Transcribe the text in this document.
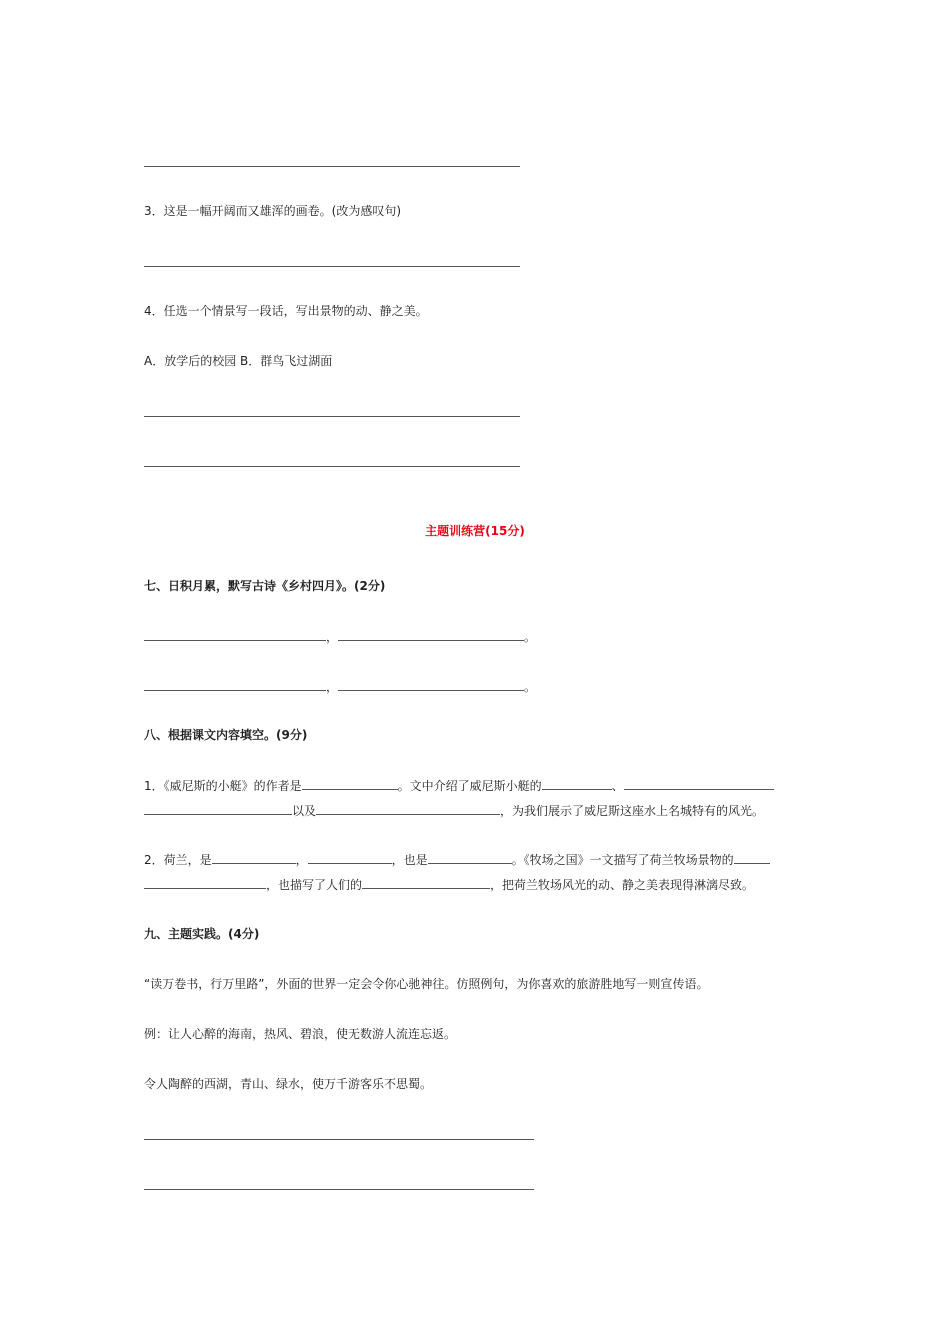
3．这是一幅开阔而又雄浑的画卷。(改为感叹句)
4．任选一个情景写一段话，写出景物的动、静之美。
A．放学后的校园 B．群鸟飞过湖面
主题训练营(15分)
七、日积月累，默写古诗《乡村四月》。(2分)
，	。
，	。
八、根据课文内容填空。(9分)
1．《威尼斯的小艇》的作者是	。文中介绍了威尼斯小艇的	、
以及	，为我们展示了威尼斯这座水上名城特有的风光。
2．荷兰，是	，	，也是	。《牧场之国》一文描写了荷兰牧场景物的
，也描写了人们的	，把荷兰牧场风光的动、静之美表现得淋漓尽致。
九、主题实践。(4分)
“读万卷书，行万里路”，外面的世界一定会令你心驰神往。仿照例句，为你喜欢的旅游胜地写一则宣传语。
例：让人心醉的海南，热风、碧浪，使无数游人流连忘返。
令人陶醉的西湖，青山、绿水，使万千游客乐不思蜀。
